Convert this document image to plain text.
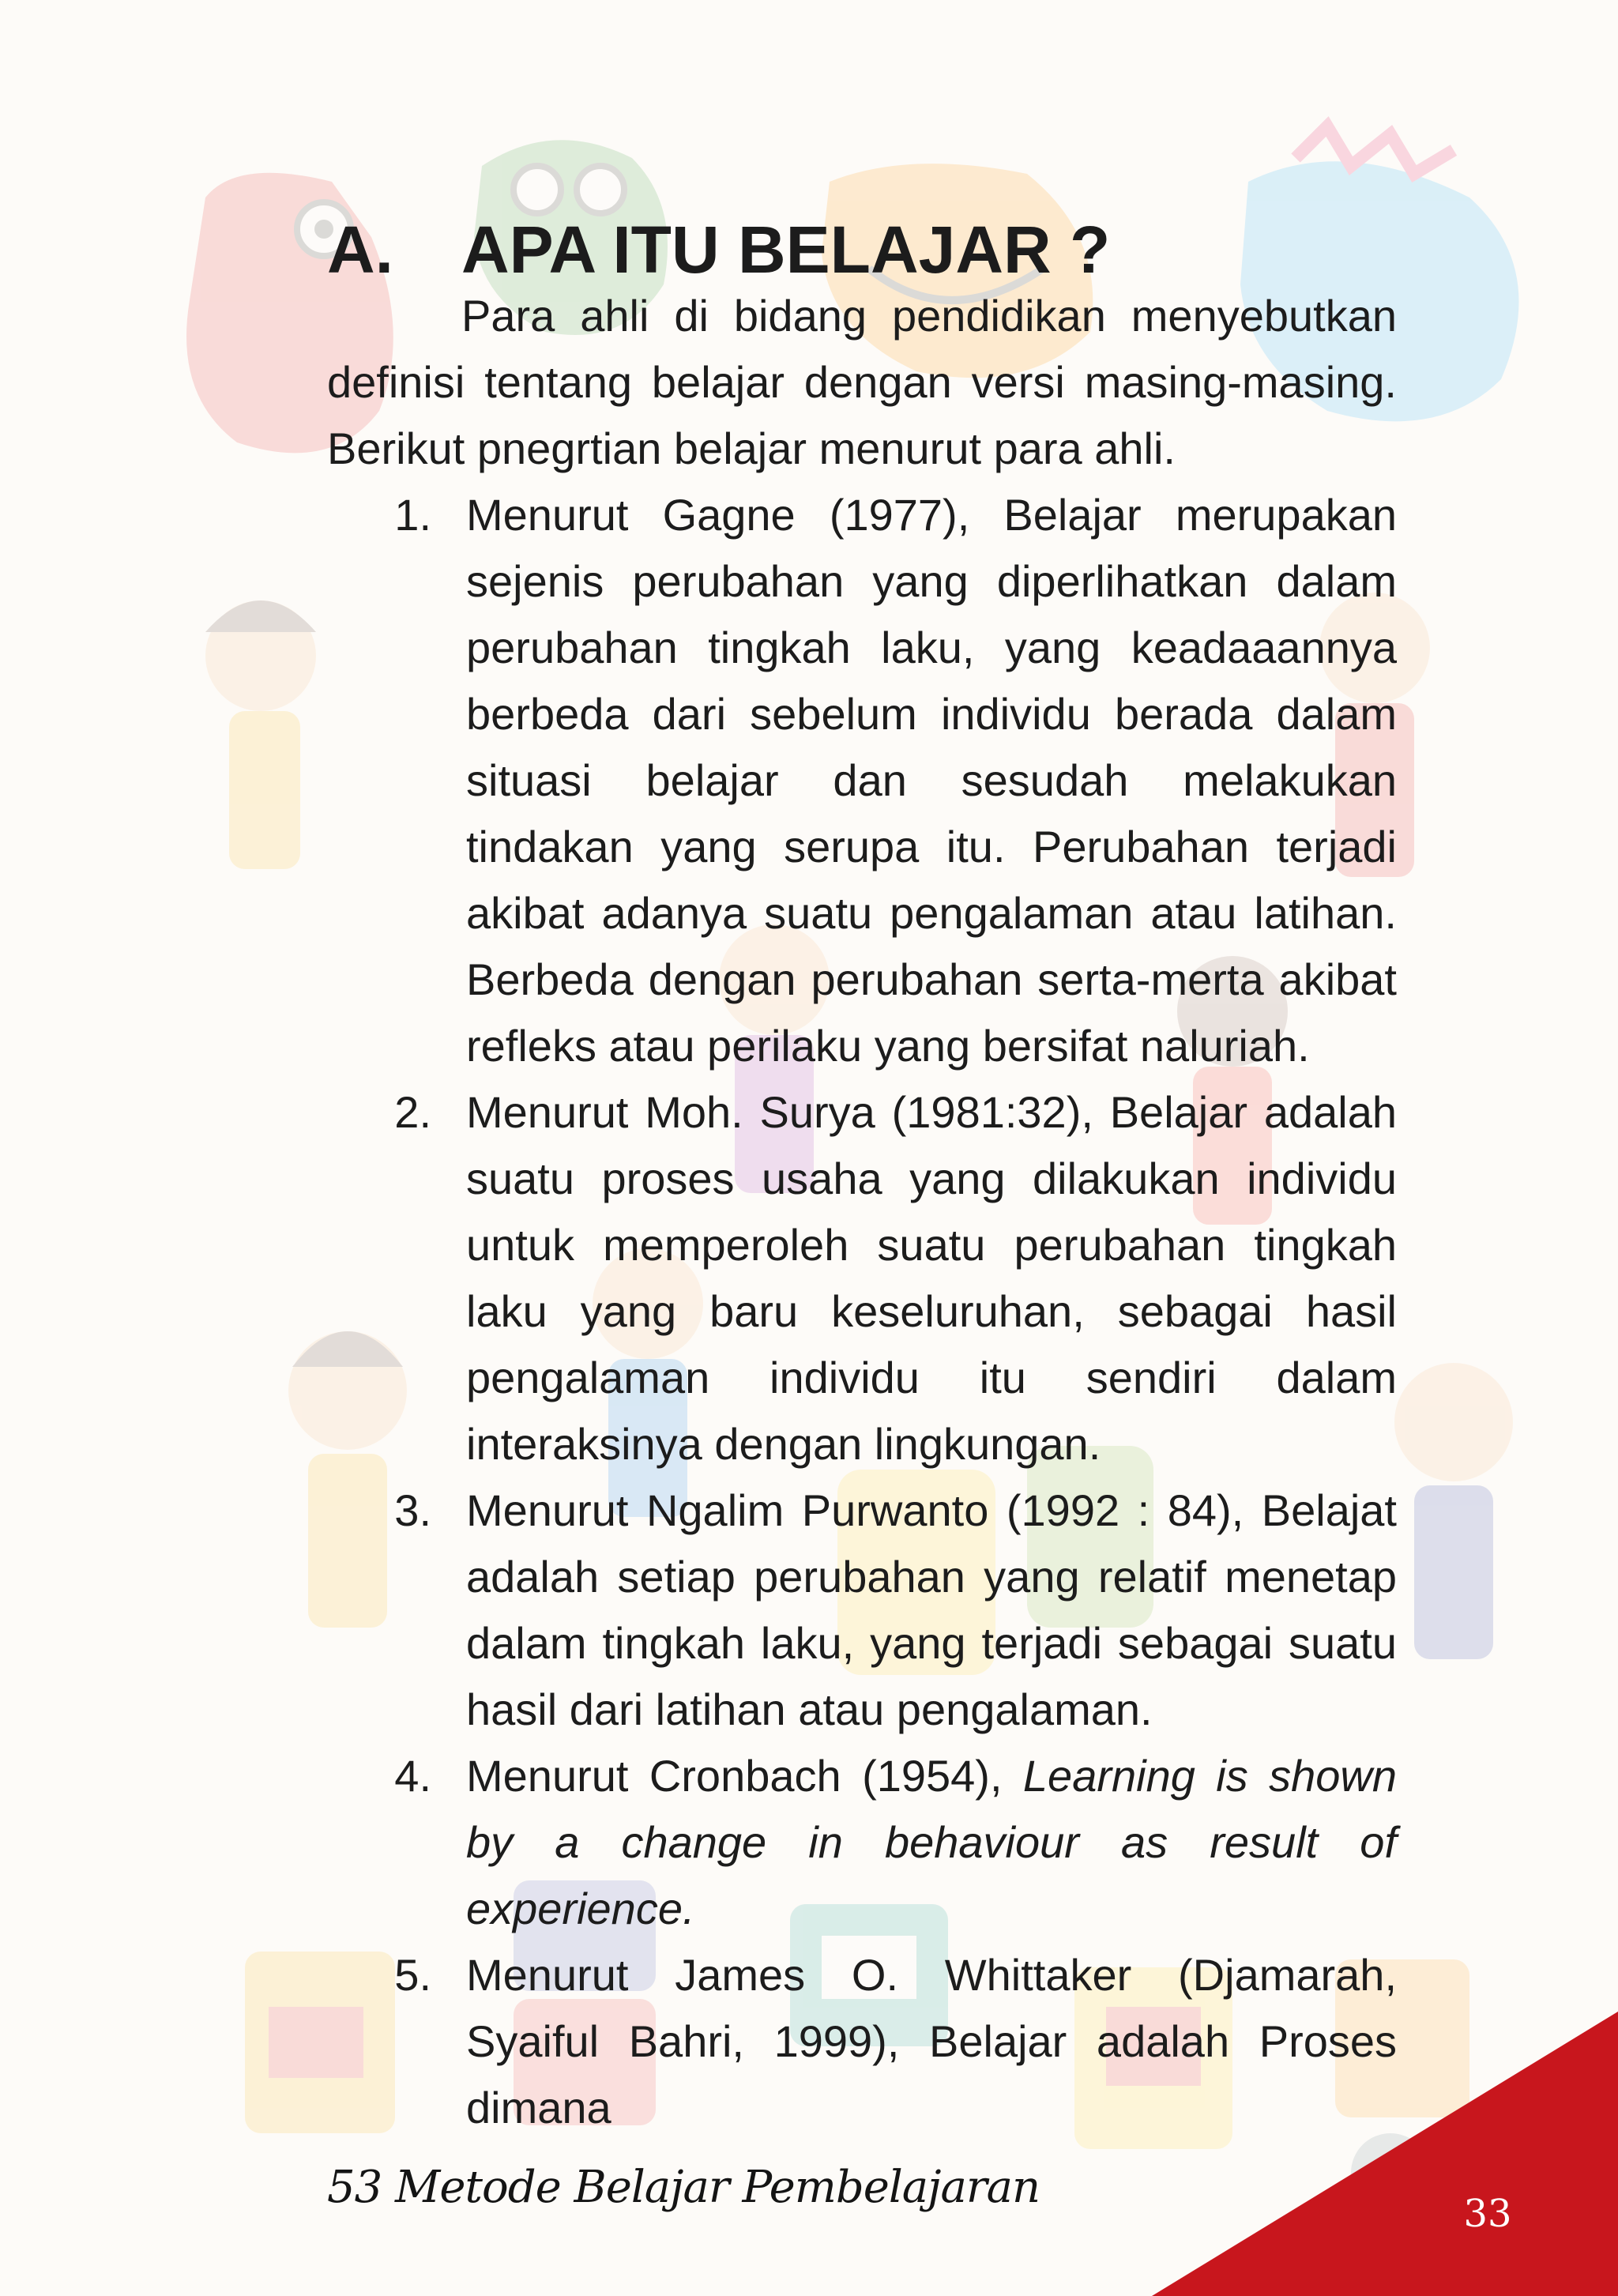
A.	APA ITU BELAJAR ?

Para ahli di bidang pendidikan menyebutkan definisi tentang belajar dengan versi masing-masing. Berikut pnegrtian belajar menurut para ahli.

1. Menurut Gagne (1977), Belajar merupakan sejenis perubahan yang diperlihatkan dalam perubahan tingkah laku, yang keadaaannya berbeda dari sebelum individu berada dalam situasi belajar dan sesudah melakukan tindakan yang serupa itu. Perubahan terjadi akibat adanya suatu pengalaman atau latihan. Berbeda dengan perubahan serta-merta akibat refleks atau perilaku yang bersifat naluriah.
2. Menurut Moh. Surya (1981:32), Belajar adalah suatu proses usaha yang dilakukan individu untuk memperoleh suatu perubahan tingkah laku yang baru keseluruhan, sebagai hasil pengalaman individu itu sendiri dalam interaksinya dengan lingkungan.
3. Menurut Ngalim Purwanto (1992 : 84), Belajat adalah setiap perubahan yang relatif menetap dalam tingkah laku, yang terjadi sebagai suatu hasil dari latihan atau pengalaman.
4. Menurut Cronbach (1954), Learning is shown by a change in behaviour as result of experience.
5. Menurut James O. Whittaker (Djamarah, Syaiful Bahri, 1999), Belajar adalah Proses dimana
53 Metode Belajar Pembelajaran
33
